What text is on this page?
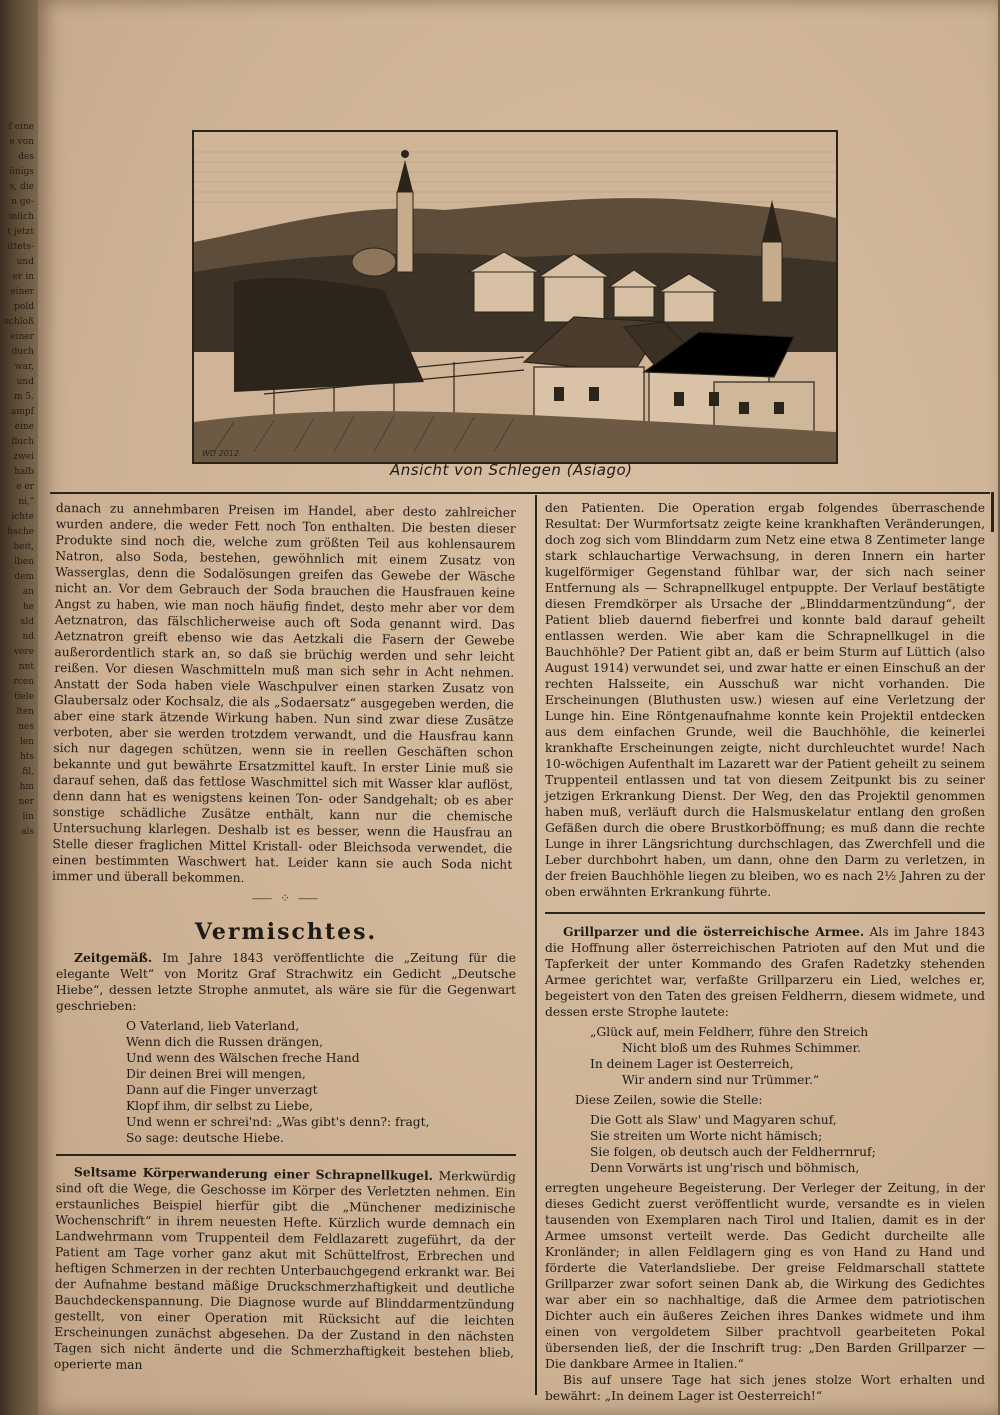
f eine
e von
des
önigs
s, die
n ge-
inlich
t jetzt
ittets-
und
er in
einer
pold
schloß
einer
duch
war,
und
m 5.
ampf
eine
fluch
zwei
halb
e er
ni,"
ichte
hsche
beit,
lben
dem
an
he
ald
nd
vere
nnt
rcen
tiele
lten
nes
len
hts
fil,
hm
ner
lin
als
WD 2012.
Ansicht von Schlegen (Asiago)

danach zu annehmbaren Preisen im Handel, aber desto zahlreicher wurden andere, die weder Fett noch Ton enthalten. Die besten dieser Produkte sind noch die, welche zum größten Teil aus kohlensaurem Natron, also Soda, bestehen, gewöhnlich mit einem Zusatz von Wasserglas, denn die Sodalösungen greifen das Gewebe der Wäsche nicht an. Vor dem Gebrauch der Soda brauchen die Hausfrauen keine Angst zu haben, wie man noch häufig findet, desto mehr aber vor dem Aetznatron, das fälschlicherweise auch oft Soda genannt wird. Das Aetznatron greift ebenso wie das Aetzkali die Fasern der Gewebe außerordentlich stark an, so daß sie brüchig werden und sehr leicht reißen. Vor diesen Waschmitteln muß man sich sehr in Acht nehmen. Anstatt der Soda haben viele Waschpulver einen starken Zusatz von Glaubersalz oder Kochsalz, die als „Sodaersatz“ ausgegeben werden, die aber eine stark ätzende Wirkung haben. Nun sind zwar diese Zusätze verboten, aber sie werden trotzdem verwandt, und die Hausfrau kann sich nur dagegen schützen, wenn sie in reellen Geschäften schon bekannte und gut bewährte Ersatzmittel kauft. In erster Linie muß sie darauf sehen, daß das fettlose Waschmittel sich mit Wasser klar auflöst, denn dann hat es wenigstens keinen Ton- oder Sandgehalt; ob es aber sonstige schädliche Zusätze enthält, kann nur die chemische Untersuchung klarlegen. Deshalb ist es besser, wenn die Hausfrau an Stelle dieser fraglichen Mittel Kristall- oder Bleichsoda verwendet, die einen bestimmten Waschwert hat. Leider kann sie auch Soda nicht immer und überall bekommen.

⸺ ⁘ ⸺
Vermischtes.

Zeitgemäß. Im Jahre 1843 veröffentlichte die „Zeitung für die elegante Welt“ von Moritz Graf Strachwitz ein Gedicht „Deutsche Hiebe“, dessen letzte Strophe anmutet, als wäre sie für die Gegenwart geschrieben:

O Vaterland, lieb Vaterland,
Wenn dich die Russen drängen,
Und wenn des Wälschen freche Hand
Dir deinen Brei will mengen,
Dann auf die Finger unverzagt
Klopf ihm, dir selbst zu Liebe,
Und wenn er schrei'nd: „Was gibt's denn?: fragt,
So sage: deutsche Hiebe.

Seltsame Körperwanderung einer Schrapnellkugel. Merkwürdig sind oft die Wege, die Geschosse im Körper des Verletzten nehmen. Ein erstaunliches Beispiel hierfür gibt die „Münchener medizinische Wochenschrift“ in ihrem neuesten Hefte. Kürzlich wurde demnach ein Landwehrmann vom Truppenteil dem Feldlazarett zugeführt, da der Patient am Tage vorher ganz akut mit Schüttelfrost, Erbrechen und heftigen Schmerzen in der rechten Unterbauchgegend erkrankt war. Bei der Aufnahme bestand mäßige Druckschmerzhaftigkeit und deutliche Bauchdeckenspannung. Die Diagnose wurde auf Blinddarmentzündung gestellt, von einer Operation mit Rücksicht auf die leichten Erscheinungen zunächst abgesehen. Da der Zustand in den nächsten Tagen sich nicht änderte und die Schmerzhaftigkeit bestehen blieb, operierte man

den Patienten. Die Operation ergab folgendes überraschende Resultat: Der Wurmfortsatz zeigte keine krankhaften Veränderungen, doch zog sich vom Blinddarm zum Netz eine etwa 8 Zentimeter lange stark schlauchartige Verwachsung, in deren Innern ein harter kugelförmiger Gegenstand fühlbar war, der sich nach seiner Entfernung als — Schrapnellkugel entpuppte. Der Verlauf bestätigte diesen Fremdkörper als Ursache der „Blinddarmentzündung“, der Patient blieb dauernd fieberfrei und konnte bald darauf geheilt entlassen werden. Wie aber kam die Schrapnellkugel in die Bauchhöhle? Der Patient gibt an, daß er beim Sturm auf Lüttich (also August 1914) verwundet sei, und zwar hatte er einen Einschuß an der rechten Halsseite, ein Ausschuß war nicht vorhanden. Die Erscheinungen (Bluthusten usw.) wiesen auf eine Verletzung der Lunge hin. Eine Röntgenaufnahme konnte kein Projektil entdecken aus dem einfachen Grunde, weil die Bauchhöhle, die keinerlei krankhafte Erscheinungen zeigte, nicht durchleuchtet wurde! Nach 10-wöchigen Aufenthalt im Lazarett war der Patient geheilt zu seinem Truppenteil entlassen und tat von diesem Zeitpunkt bis zu seiner jetzigen Erkrankung Dienst. Der Weg, den das Projektil genommen haben muß, verläuft durch die Halsmuskelatur entlang den großen Gefäßen durch die obere Brustkorböffnung; es muß dann die rechte Lunge in ihrer Längsrichtung durchschlagen, das Zwerchfell und die Leber durchbohrt haben, um dann, ohne den Darm zu verletzen, in der freien Bauchhöhle liegen zu bleiben, wo es nach 2½ Jahren zu der oben erwähnten Erkrankung führte.

Grillparzer und die österreichische Armee. Als im Jahre 1843 die Hoffnung aller österreichischen Patrioten auf den Mut und die Tapferkeit der unter Kommando des Grafen Radetzky stehenden Armee gerichtet war, verfaßte Grillparzeru ein Lied, welches er, begeistert von den Taten des greisen Feldherrn, diesem widmete, und dessen erste Strophe lautete:

„Glück auf, mein Feldherr, führe den Streich
Nicht bloß um des Ruhmes Schimmer.
In deinem Lager ist Oesterreich,
Wir andern sind nur Trümmer.“
Diese Zeilen, sowie die Stelle:
Die Gott als Slaw' und Magyaren schuf,
Sie streiten um Worte nicht hämisch;
Sie folgen, ob deutsch auch der Feldherrnruf;
Denn Vorwärts ist ung'risch und böhmisch,

erregten ungeheure Begeisterung. Der Verleger der Zeitung, in der dieses Gedicht zuerst veröffentlicht wurde, versandte es in vielen tausenden von Exemplaren nach Tirol und Italien, damit es in der Armee umsonst verteilt werde. Das Gedicht durcheilte alle Kronländer; in allen Feldlagern ging es von Hand zu Hand und förderte die Vaterlandsliebe. Der greise Feldmarschall stattete Grillparzer zwar sofort seinen Dank ab, die Wirkung des Gedichtes war aber ein so nachhaltige, daß die Armee dem patriotischen Dichter auch ein äußeres Zeichen ihres Dankes widmete und ihm einen von vergoldetem Silber prachtvoll gearbeiteten Pokal übersenden ließ, der die Inschrift trug: „Den Barden Grillparzer — Die dankbare Armee in Italien.“

Bis auf unsere Tage hat sich jenes stolze Wort erhalten und bewährt: „In deinem Lager ist Oesterreich!“
